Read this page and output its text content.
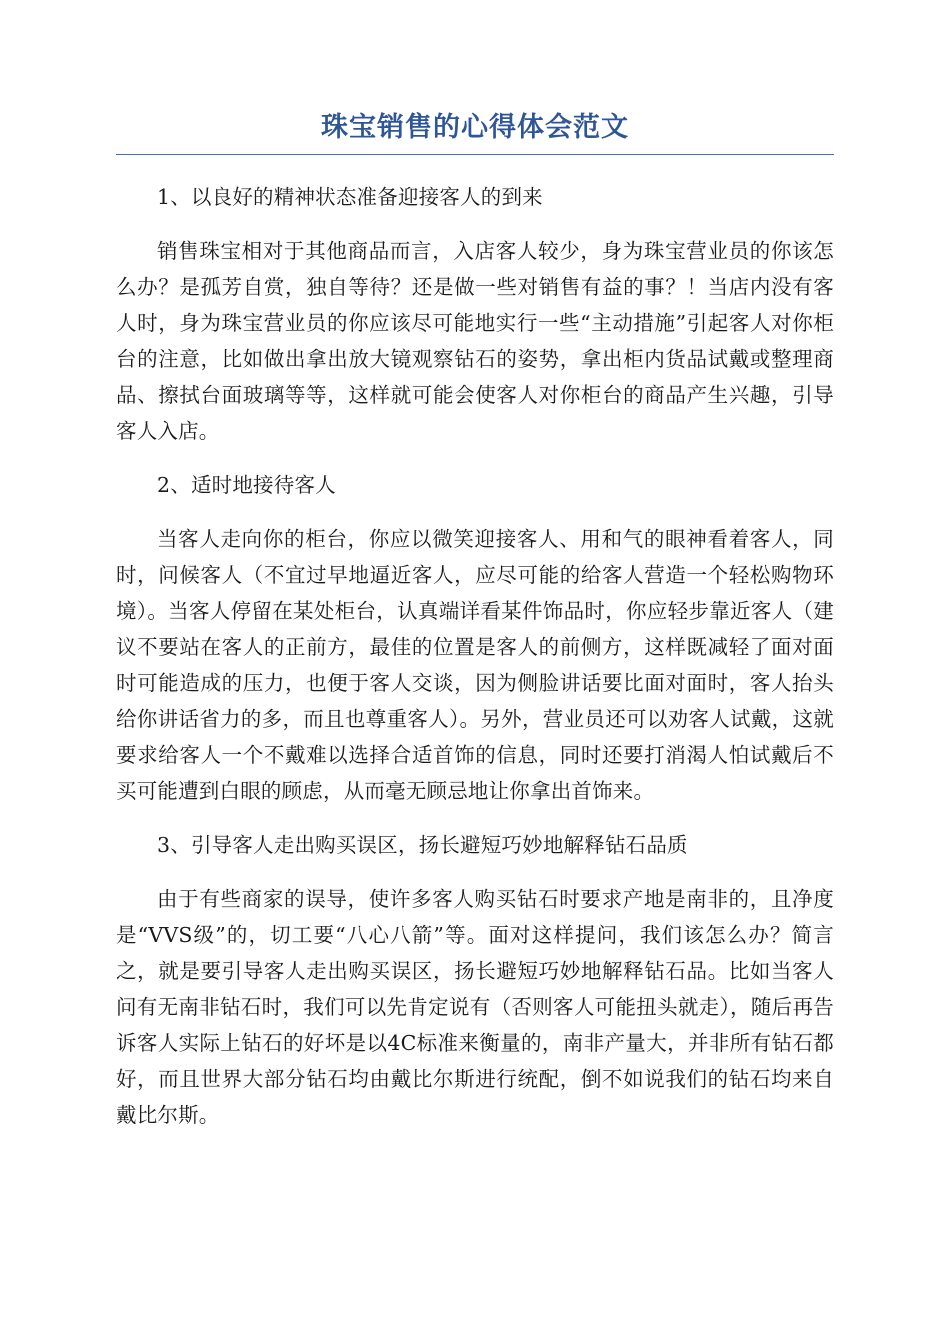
珠宝销售的心得体会范文

1、以良好的精神状态准备迎接客人的到来

销售珠宝相对于其他商品而言，入店客人较少，身为珠宝营业员的你该怎么办？是孤芳自赏，独自等待？还是做一些对销售有益的事？！当店内没有客人时，身为珠宝营业员的你应该尽可能地实行一些“主动措施”引起客人对你柜台的注意，比如做出拿出放大镜观察钻石的姿势，拿出柜内货品试戴或整理商品、擦拭台面玻璃等等，这样就可能会使客人对你柜台的商品产生兴趣，引导客人入店。

2、适时地接待客人

当客人走向你的柜台，你应以微笑迎接客人、用和气的眼神看着客人，同时，问候客人（不宜过早地逼近客人，应尽可能的给客人营造一个轻松购物环境）。当客人停留在某处柜台，认真端详看某件饰品时，你应轻步靠近客人（建议不要站在客人的正前方，最佳的位置是客人的前侧方，这样既减轻了面对面时可能造成的压力，也便于客人交谈，因为侧脸讲话要比面对面时，客人抬头给你讲话省力的多，而且也尊重客人）。另外，营业员还可以劝客人试戴，这就要求给客人一个不戴难以选择合适首饰的信息，同时还要打消渴人怕试戴后不买可能遭到白眼的顾虑，从而毫无顾忌地让你拿出首饰来。

3、引导客人走出购买误区，扬长避短巧妙地解释钻石品质

由于有些商家的误导，使许多客人购买钻石时要求产地是南非的，且净度是“VVS级”的，切工要“八心八箭”等。面对这样提问，我们该怎么办？简言之，就是要引导客人走出购买误区，扬长避短巧妙地解释钻石品。比如当客人问有无南非钻石时，我们可以先肯定说有（否则客人可能扭头就走），随后再告诉客人实际上钻石的好坏是以4C标准来衡量的，南非产量大，并非所有钻石都好，而且世界大部分钻石均由戴比尔斯进行统配，倒不如说我们的钻石均来自戴比尔斯。
